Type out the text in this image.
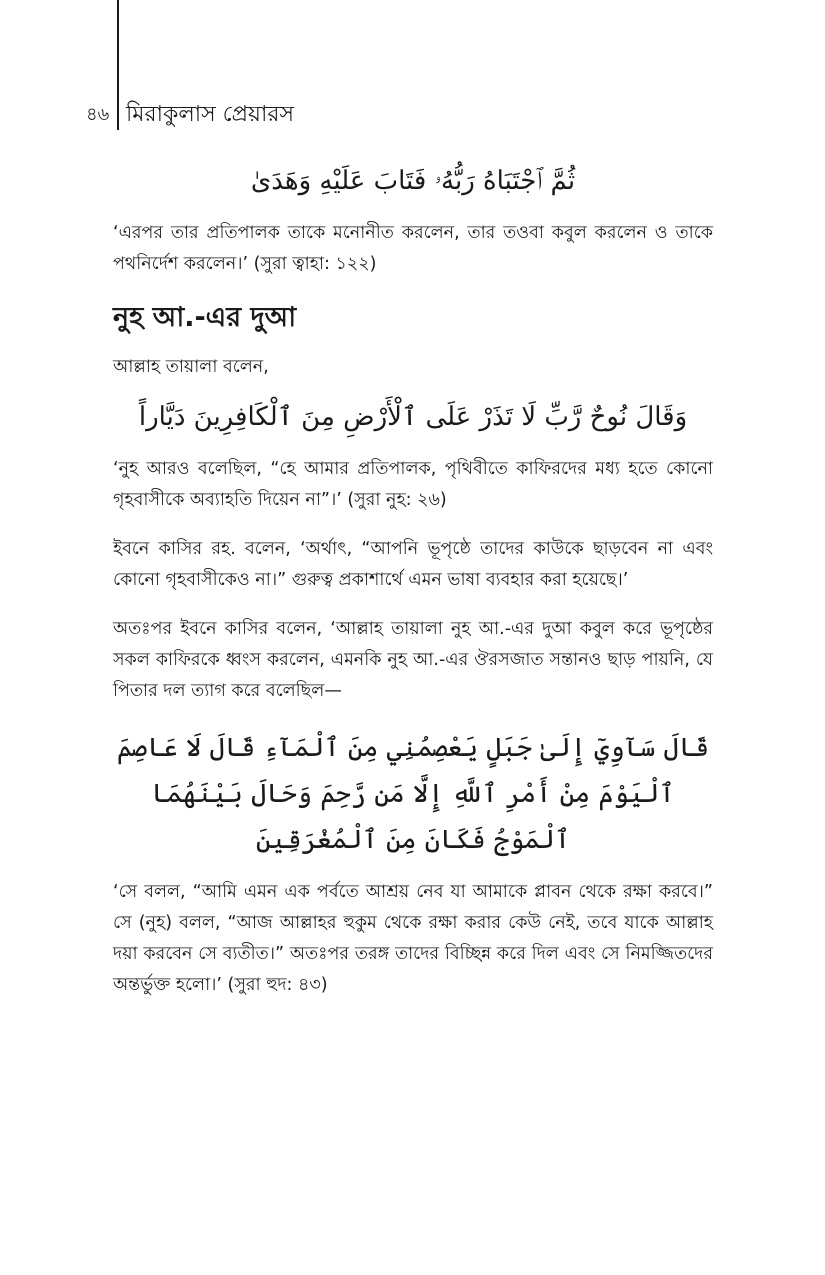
৪৬ মিরাকুলাস প্রেয়ারস

ثُمَّ ٱجْتَبَاهُ رَبُّهُۥ فَتَابَ عَلَيْهِ وَهَدَىٰ

‘এরপর তার প্রতিপালক তাকে মনোনীত করলেন, তার তওবা কবুল করলেন ও তাকে পথনির্দেশ করলেন।’ (সুরা ত্বাহা: ১২২)

নুহ আ.-এর দুআ

আল্লাহ তায়ালা বলেন,

وَقَالَ نُوحٌ رَّبِّ لَا تَذَرْ عَلَى ٱلْأَرْضِ مِنَ ٱلْكَافِرِينَ دَيَّاراً

‘নুহ আরও বলেছিল, “হে আমার প্রতিপালক, পৃথিবীতে কাফিরদের মধ্য হতে কোনো গৃহবাসীকে অব্যাহতি দিয়েন না”।’ (সুরা নুহ: ২৬)

ইবনে কাসির রহ. বলেন, ‘অর্থাৎ, “আপনি ভূপৃষ্ঠে তাদের কাউকে ছাড়বেন না এবং কোনো গৃহবাসীকেও না।” গুরুত্ব প্রকাশার্থে এমন ভাষা ব্যবহার করা হয়েছে।’

অতঃপর ইবনে কাসির বলেন, ‘আল্লাহ তায়ালা নুহ আ.-এর দুআ কবুল করে ভূপৃষ্ঠের সকল কাফিরকে ধ্বংস করলেন, এমনকি নুহ আ.-এর ঔরসজাত সন্তানও ছাড় পায়নি, যে পিতার দল ত্যাগ করে বলেছিল—

قَالَ سَآوِيٓ إِلَىٰ جَبَلٍ يَعْصِمُنِي مِنَ ٱلْمَآءِ قَالَ لَا عَاصِمَ ٱلْيَوْمَ مِنْ أَمْرِ ٱللَّهِ إِلَّا مَن رَّحِمَ وَحَالَ بَيْنَهُمَا ٱلْمَوْجُ فَكَانَ مِنَ ٱلْمُغْرَقِينَ

‘সে বলল, “আমি এমন এক পর্বতে আশ্রয় নেব যা আমাকে প্লাবন থেকে রক্ষা করবে।” সে (নুহ) বলল, “আজ আল্লাহর হুকুম থেকে রক্ষা করার কেউ নেই, তবে যাকে আল্লাহ দয়া করবেন সে ব্যতীত।” অতঃপর তরঙ্গ তাদের বিচ্ছিন্ন করে দিল এবং সে নিমজ্জিতদের অন্তর্ভুক্ত হলো।’ (সুরা হুদ: ৪৩)
